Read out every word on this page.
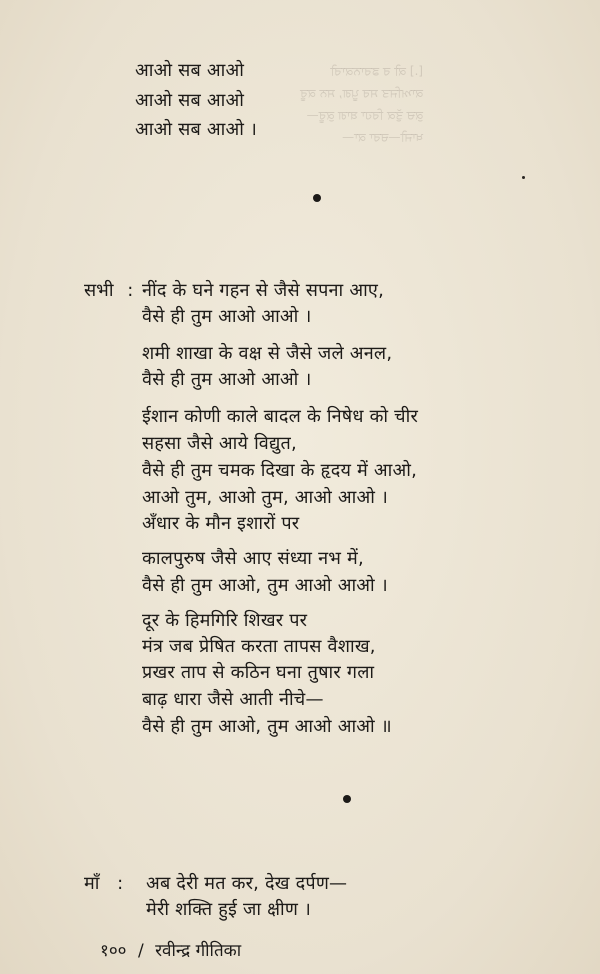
[.] ਕੀ ਰ ਡਰਾਨਕਾਰੀ
ਕਾਅਜਿਤ ਸਰ ਪੂਗ, ਸਨ ਕਰੂ
ਕੁਚ ਤੁੱਕ ਰਿਹਾ ਬਾਗ ਕੁਰੂ—
ਖਾਜੀ—ਚਰਾ ਕਾ—
आओ सब आओ
आओ सब आओ
आओ सब आओ ।
सभी : नींद के घने गहन से जैसे सपना आए,
वैसे ही तुम आओ आओ ।
शमी शाखा के वक्ष से जैसे जले अनल,
वैसे ही तुम आओ आओ ।
ईशान कोणी काले बादल के निषेध को चीर
सहसा जैसे आये विद्युत,
वैसे ही तुम चमक दिखा के हृदय में आओ,
आओ तुम, आओ तुम, आओ आओ ।
अँधार के मौन इशारों पर
कालपुरुष जैसे आए संध्या नभ में,
वैसे ही तुम आओ, तुम आओ आओ ।
दूर के हिमगिरि शिखर पर
मंत्र जब प्रेषित करता तापस वैशाख,
प्रखर ताप से कठिन घना तुषार गला
बाढ़ धारा जैसे आती नीचे—
वैसे ही तुम आओ, तुम आओ आओ ॥
माँ : अब देरी मत कर, देख दर्पण—
मेरी शक्ति हुई जा क्षीण ।
१०० / रवीन्द्र गीतिका
